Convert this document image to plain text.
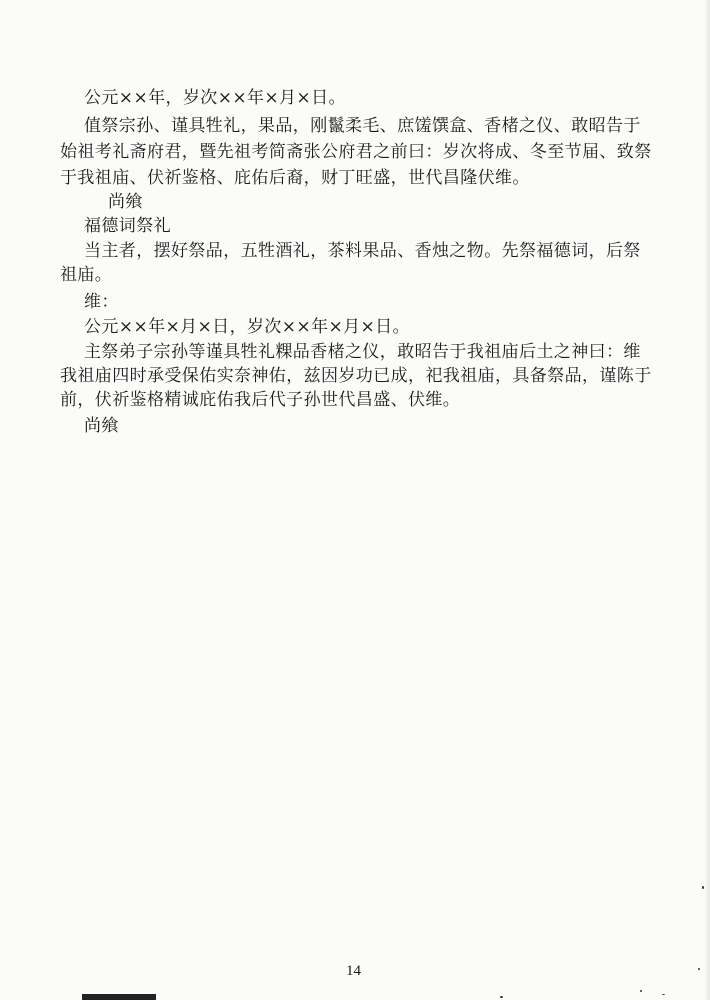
公元××年，岁次××年×月×日。
值祭宗孙、谨具牲礼，果品，刚鬣柔毛、庶馐馔盒、香楮之仪、敢昭告于
始祖考礼斋府君，暨先祖考简斋张公府君之前曰：岁次将成、冬至节届、致祭
于我祖庙、伏祈鉴格、庇佑后裔，财丁旺盛，世代昌隆伏维。
尚飨
福德词祭礼
当主者，摆好祭品，五牲酒礼，茶料果品、香烛之物。先祭福德词，后祭
祖庙。
维：
公元××年×月×日，岁次××年×月×日。
主祭弟子宗孙等谨具牲礼粿品香楮之仪，敢昭告于我祖庙后土之神曰：维
我祖庙四时承受保佑实奈神佑，兹因岁功已成，祀我祖庙，具备祭品，谨陈于
前，伏祈鉴格精诚庇佑我后代子孙世代昌盛、伏维。
尚飨
14
